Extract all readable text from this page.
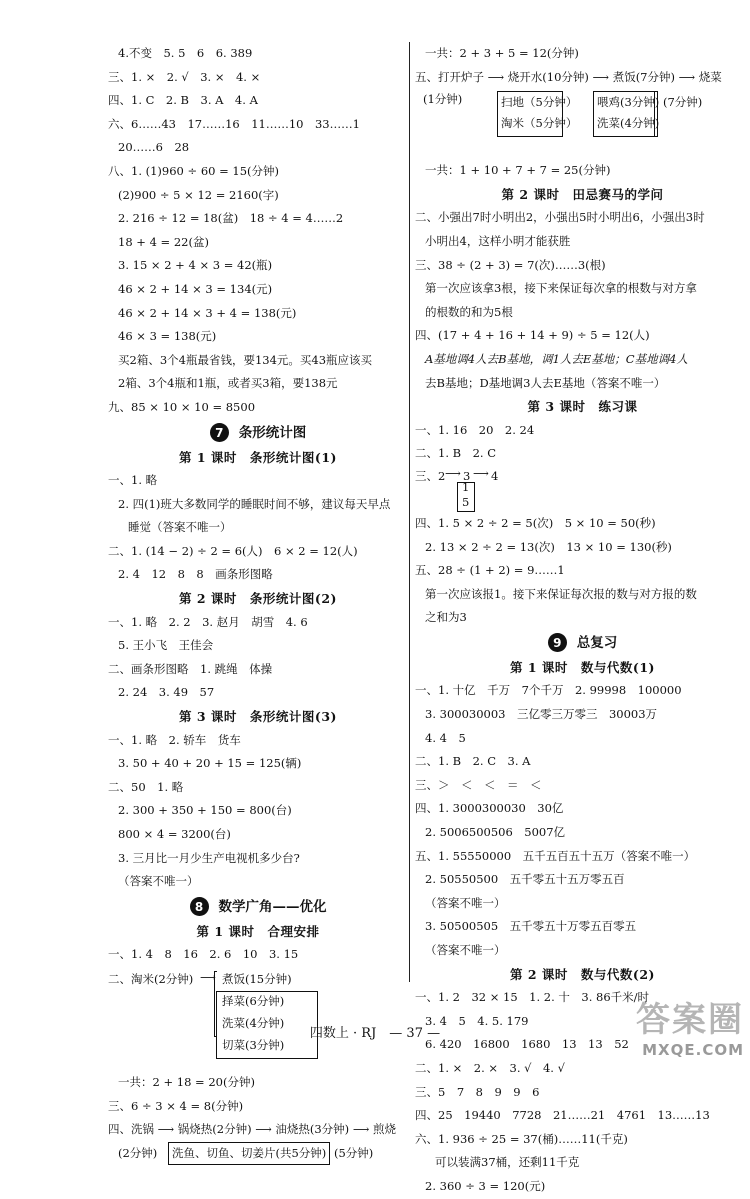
4.不变　5. 5　6　6. 389
三、1. ×　2. √　3. ×　4. ×
四、1. C　2. B　3. A　4. A
六、6……43　17……16　11……10　33……1
20……6　28
八、1. (1)960 ÷ 60 = 15(分钟)
(2)900 ÷ 5 × 12 = 2160(字)
2. 216 ÷ 12 = 18(盆)　18 ÷ 4 = 4……2
18 + 4 = 22(盆)
3. 15 × 2 + 4 × 3 = 42(瓶)
46 × 2 + 14 × 3 = 134(元)
46 × 2 + 14 × 3 + 4 = 138(元)
46 × 3 = 138(元)
买2箱、3个4瓶最省钱，要134元。买43瓶应该买
2箱、3个4瓶和1瓶，或者买3箱，要138元
九、85 × 10 × 10 = 8500
7	条形统计图
第 1 课时　条形统计图(1)
一、1. 略
2. 四(1)班大多数同学的睡眠时间不够，建议每天早点
睡觉（答案不唯一）
二、1. (14 − 2) ÷ 2 = 6(人)　6 × 2 = 12(人)
2. 4　12　8　8　画条形图略
第 2 课时　条形统计图(2)
一、1. 略　2. 2　3. 赵月　胡雪　4. 6
5. 王小飞　王佳会
二、画条形图略　1. 跳绳　体操
2. 24　3. 49　57
第 3 课时　条形统计图(3)
一、1. 略　2. 轿车　货车
3. 50 + 40 + 20 + 15 = 125(辆)
二、50　1. 略
2. 300 + 350 + 150 = 800(台)
800 × 4 = 3200(台)
3. 三月比一月少生产电视机多少台?
（答案不唯一）
8	数学广角——优化
第 1 课时　合理安排
一、1. 4　8　16　2. 6　10　3. 15
二、淘米(2分钟) ⟶ 煮饭(15分钟)
择菜(6分钟)
洗菜(4分钟)
切菜(3分钟)
一共：2 + 18 = 20(分钟)
三、6 ÷ 3 × 4 = 8(分钟)
四、洗锅 ⟶ 锅烧热(2分钟) ⟶ 油烧热(3分钟) ⟶ 煎烧
(2分钟) 洗鱼、切鱼、切姜片(共5分钟) (5分钟)
一共：2 + 3 + 5 = 12(分钟)
五、打开炉子 ⟶ 烧开水(10分钟) ⟶ 煮饭(7分钟) ⟶ 烧菜
(1分钟)	扫地（5分钟）
淘米（5分钟）
喂鸡(3分钟)
洗菜(4分钟)
(7分钟)
一共：1 + 10 + 7 + 7 = 25(分钟)
第 2 课时　田忌赛马的学问
二、小强出7时小明出2，小强出5时小明出6，小强出3时
小明出4，这样小明才能获胜
三、38 ÷ (2 + 3) = 7(次)……3(根)
第一次应该拿3根，接下来保证每次拿的根数与对方拿
的根数的和为5根
四、(17 + 4 + 16 + 14 + 9) ÷ 5 = 12(人)
A基地调4人去B基地，调1人去E基地；C基地调4人
去B基地；D基地调3人去E基地（答案不唯一）
第 3 课时　练习课
一、1. 16　20　2. 24
二、1. B　2. C
三、2 ⟶ 3 ⟶ 4
1
5
四、1. 5 × 2 ÷ 2 = 5(次)　5 × 10 = 50(秒)
2. 13 × 2 ÷ 2 = 13(次)　13 × 10 = 130(秒)
五、28 ÷ (1 + 2) = 9……1
第一次应该报1。接下来保证每次报的数与对方报的数
之和为3
9	总复习
第 1 课时　数与代数(1)
一、1. 十亿　千万　7个千万　2. 99998　100000
3. 300030003　三亿零三万零三　30003万
4. 4　5
二、1. B　2. C　3. A
三、＞　＜　＜　＝　＜
四、1. 3000300030　30亿
2. 5006500506　5007亿
五、1. 55550000　五千五百五十五万（答案不唯一）
2. 50550500　五千零五十五万零五百
（答案不唯一）
3. 50500505　五千零五十万零五百零五
（答案不唯一）
第 2 课时　数与代数(2)
一、1. 2　32 × 15　1. 2. 十　3. 86千米/时
3. 4　5　4. 5. 179
6. 420　16800　1680　13　13　52
二、1. ×　2. ×　3. √　4. √
三、5　7　8　9　9　6
四、25　19440　7728　21……21　4761　13……13
六、1. 936 ÷ 25 = 37(桶)……11(千克)
可以装满37桶，还剩11千克
2. 360 ÷ 3 = 120(元)
四数上 · RJ　— 37 —	答案圈
MXQE.COM
